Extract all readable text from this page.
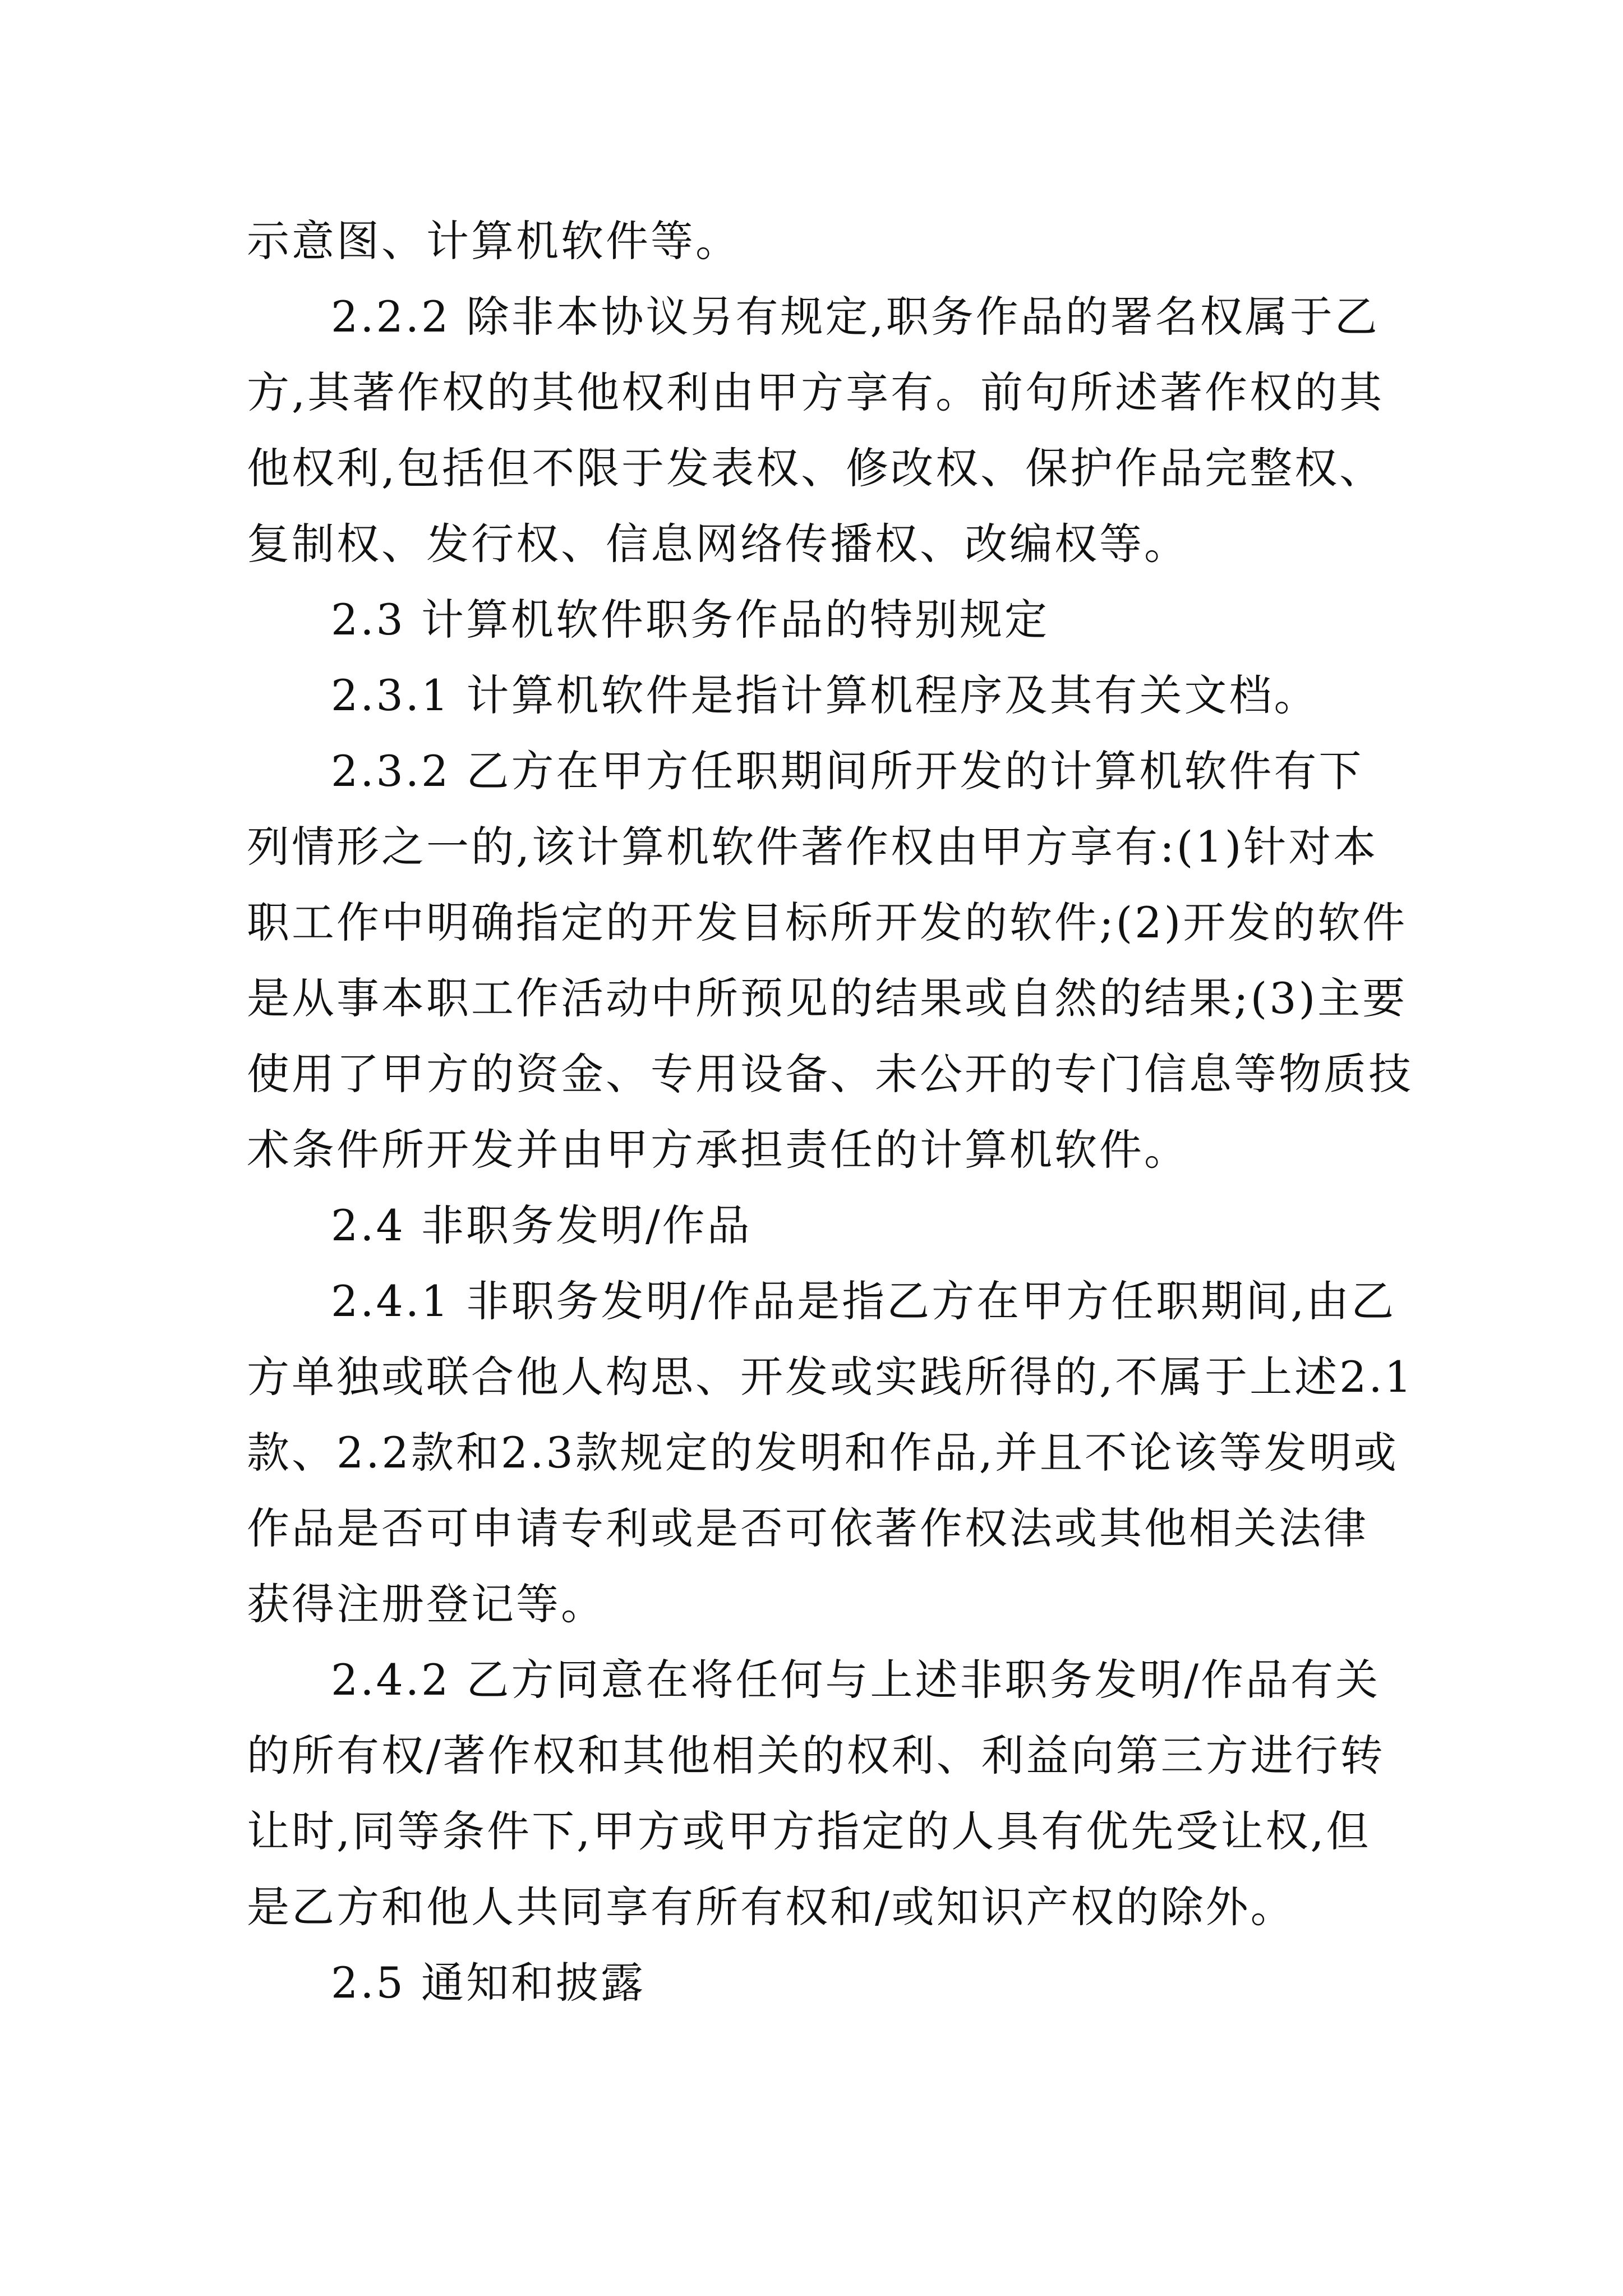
示意图、计算机软件等。
2.2.2 除非本协议另有规定,职务作品的署名权属于乙
方,其著作权的其他权利由甲方享有。前句所述著作权的其
他权利,包括但不限于发表权、修改权、保护作品完整权、
复制权、发行权、信息网络传播权、改编权等。
2.3 计算机软件职务作品的特别规定
2.3.1 计算机软件是指计算机程序及其有关文档。
2.3.2 乙方在甲方任职期间所开发的计算机软件有下
列情形之一的,该计算机软件著作权由甲方享有:(1)针对本
职工作中明确指定的开发目标所开发的软件;(2)开发的软件
是从事本职工作活动中所预见的结果或自然的结果;(3)主要
使用了甲方的资金、专用设备、未公开的专门信息等物质技
术条件所开发并由甲方承担责任的计算机软件。
2.4 非职务发明/作品
2.4.1 非职务发明/作品是指乙方在甲方任职期间,由乙
方单独或联合他人构思、开发或实践所得的,不属于上述2.1
款、2.2款和2.3款规定的发明和作品,并且不论该等发明或
作品是否可申请专利或是否可依著作权法或其他相关法律
获得注册登记等。
2.4.2 乙方同意在将任何与上述非职务发明/作品有关
的所有权/著作权和其他相关的权利、利益向第三方进行转
让时,同等条件下,甲方或甲方指定的人具有优先受让权,但
是乙方和他人共同享有所有权和/或知识产权的除外。
2.5 通知和披露
